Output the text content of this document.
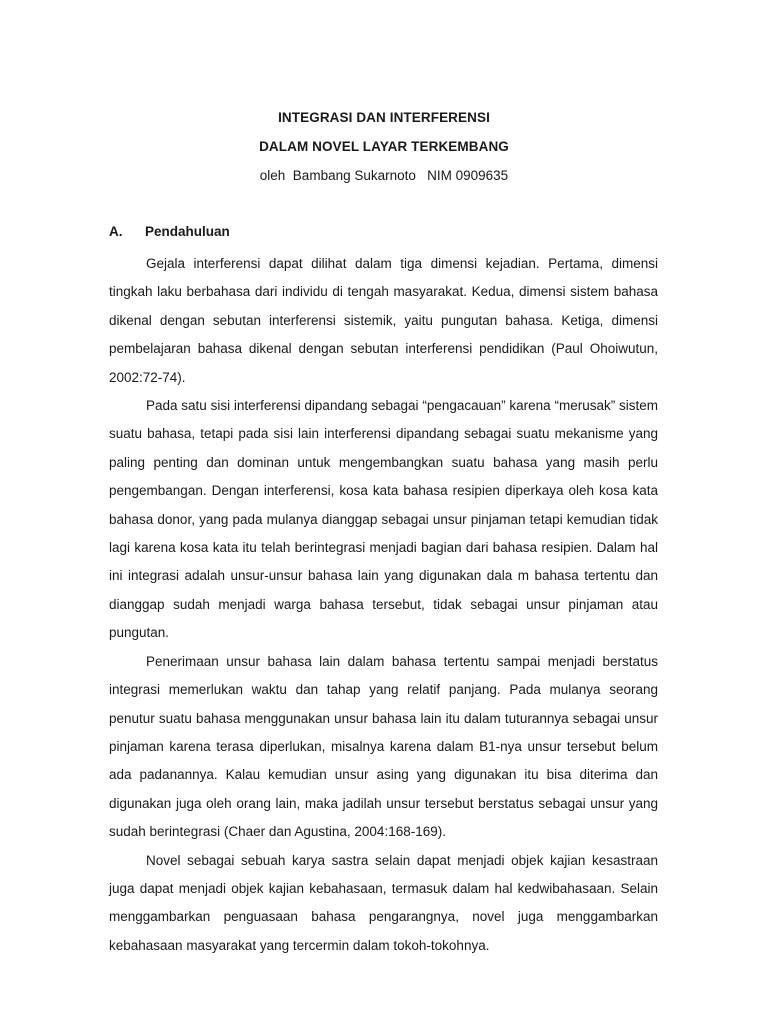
INTEGRASI DAN INTERFERENSI
DALAM NOVEL LAYAR TERKEMBANG
oleh  Bambang Sukarnoto   NIM 0909635
A.	Pendahuluan

Gejala interferensi dapat dilihat dalam tiga dimensi kejadian. Pertama, dimensi tingkah laku berbahasa dari individu di tengah masyarakat. Kedua, dimensi sistem bahasa dikenal dengan sebutan interferensi sistemik, yaitu pungutan bahasa. Ketiga, dimensi pembelajaran bahasa dikenal dengan sebutan interferensi pendidikan (Paul Ohoiwutun, 2002:72-74).

Pada satu sisi interferensi dipandang sebagai “pengacauan” karena “merusak” sistem suatu bahasa, tetapi pada sisi lain interferensi dipandang sebagai suatu mekanisme yang paling penting dan dominan untuk mengembangkan suatu bahasa yang masih perlu pengembangan. Dengan interferensi, kosa kata bahasa resipien diperkaya oleh kosa kata bahasa donor, yang pada mulanya dianggap sebagai unsur pinjaman tetapi kemudian tidak lagi karena kosa kata itu telah berintegrasi menjadi bagian dari bahasa resipien. Dalam hal ini integrasi adalah unsur-unsur bahasa lain yang digunakan dala m bahasa tertentu dan dianggap sudah menjadi warga bahasa tersebut, tidak sebagai unsur pinjaman atau pungutan.

Penerimaan unsur bahasa lain dalam bahasa tertentu sampai menjadi berstatus integrasi memerlukan waktu dan tahap yang relatif panjang. Pada mulanya seorang penutur suatu bahasa menggunakan unsur bahasa lain itu dalam tuturannya sebagai unsur pinjaman karena terasa diperlukan, misalnya karena dalam B1-nya unsur tersebut belum ada padanannya. Kalau kemudian unsur asing yang digunakan itu bisa diterima dan digunakan juga oleh orang lain, maka jadilah unsur tersebut berstatus sebagai unsur yang sudah berintegrasi (Chaer dan Agustina, 2004:168-169).

Novel sebagai sebuah karya sastra selain dapat menjadi objek kajian kesastraan juga dapat menjadi objek kajian kebahasaan, termasuk dalam hal kedwibahasaan. Selain menggambarkan penguasaan bahasa pengarangnya, novel juga menggambarkan kebahasaan masyarakat yang tercermin dalam tokoh-tokohnya.
